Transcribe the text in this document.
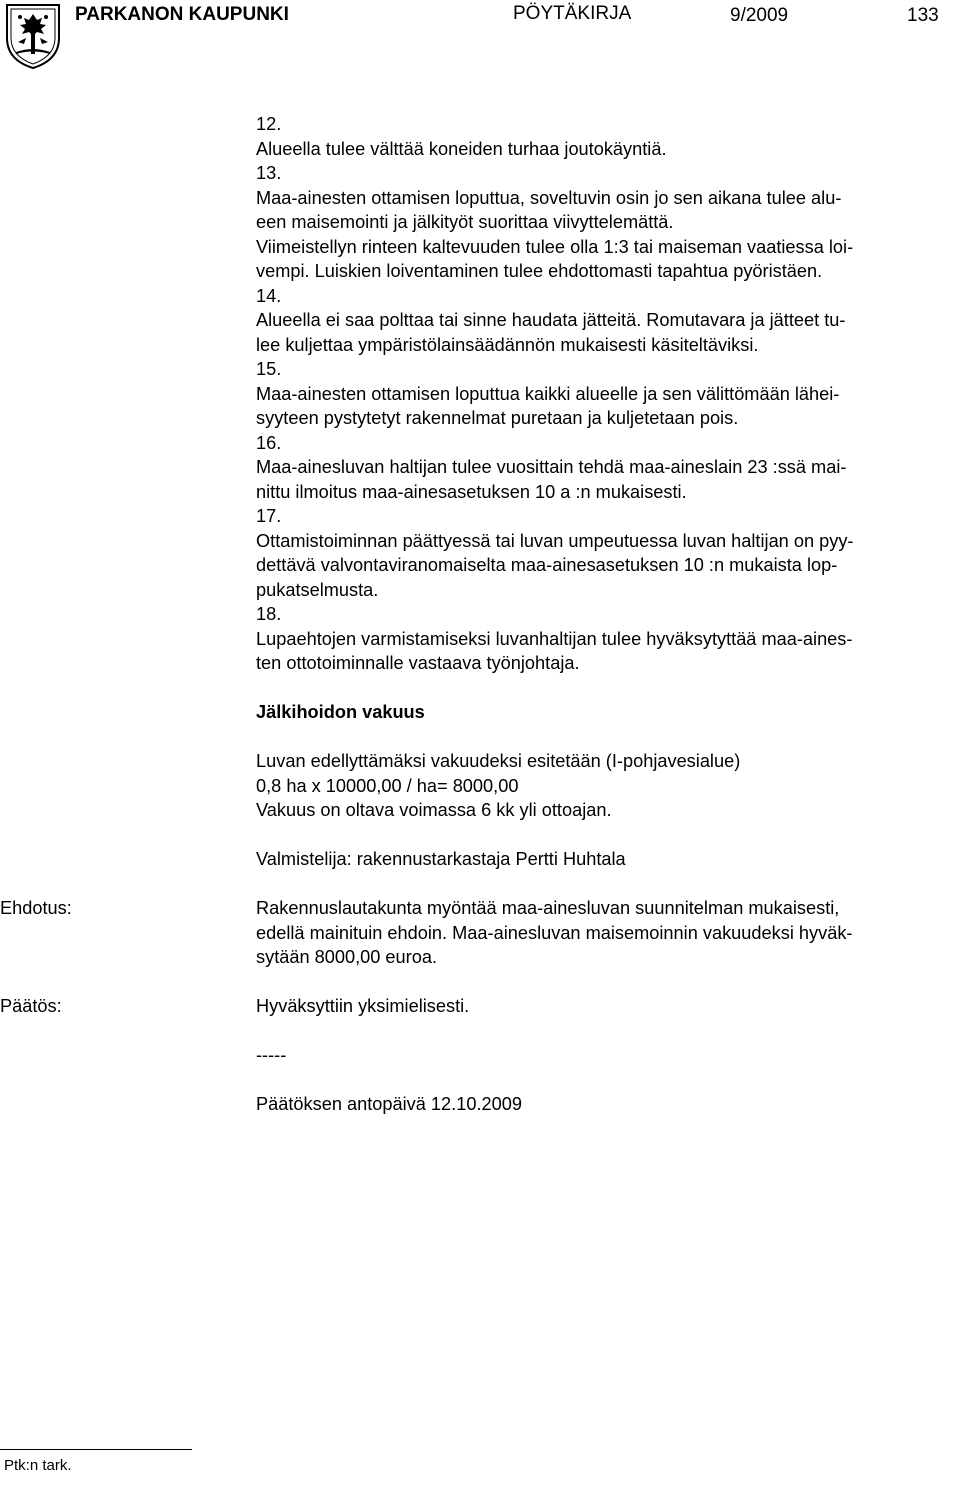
PARKANON KAUPUNKI	PÖYTÄKIRJA	9/2009	133
12.
Alueella tulee välttää koneiden turhaa joutokäyntiä.
13.
Maa-ainesten ottamisen loputtua, soveltuvin osin jo sen aikana tulee alu-
een maisemointi ja jälkityöt suorittaa viivyttelemättä.
Viimeistellyn rinteen kaltevuuden tulee olla 1:3 tai maiseman vaatiessa loi-
vempi. Luiskien loiventaminen tulee ehdottomasti tapahtua pyöristäen.
14.
Alueella ei saa polttaa tai sinne haudata jätteitä. Romutavara ja jätteet tu-
lee kuljettaa ympäristölainsäädännön mukaisesti käsiteltäviksi.
15.
Maa-ainesten ottamisen loputtua kaikki alueelle ja sen välittömään lähei-
syyteen pystytetyt rakennelmat puretaan ja kuljetetaan pois.
16.
Maa-ainesluvan haltijan tulee vuosittain tehdä maa-aineslain 23 :ssä mai-
nittu ilmoitus maa-ainesasetuksen 10 a :n mukaisesti.
17.
Ottamistoiminnan päättyessä tai luvan umpeutuessa luvan haltijan on pyy-
dettävä valvontaviranomaiselta maa-ainesasetuksen 10 :n mukaista lop-
pukatselmusta.
18.
Lupaehtojen varmistamiseksi luvanhaltijan tulee hyväksytyttää maa-aines-
ten ottotoiminnalle vastaava työnjohtaja.
Jälkihoidon vakuus
Luvan edellyttämäksi vakuudeksi esitetään (I-pohjavesialue)
0,8 ha x 10000,00 / ha= 8000,00
Vakuus on oltava voimassa 6 kk yli ottoajan.
Valmistelija: rakennustarkastaja Pertti Huhtala
Ehdotus:	Rakennuslautakunta myöntää maa-ainesluvan suunnitelman mukaisesti,
edellä mainituin ehdoin. Maa-ainesluvan maisemoinnin vakuudeksi hyväk-
sytään 8000,00 euroa.
Päätös:	Hyväksyttiin yksimielisesti.
-----
Päätöksen antopäivä 12.10.2009
Ptk:n tark.
